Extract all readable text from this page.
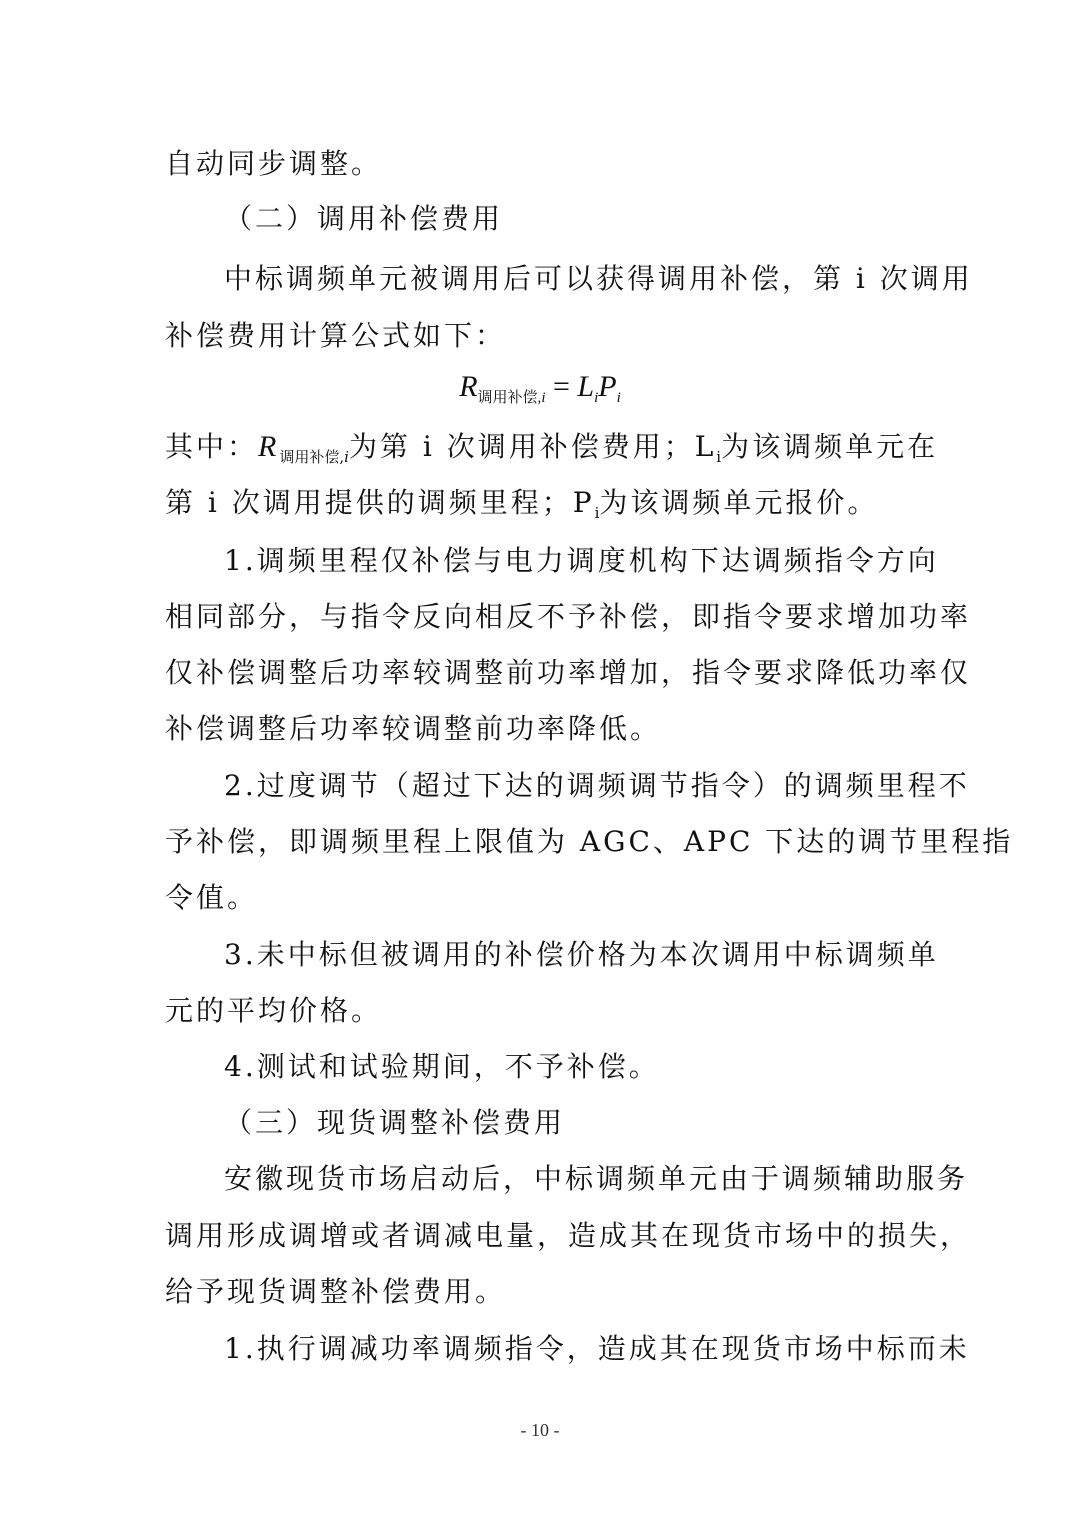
自动同步调整。
（二）调用补偿费用
中标调频单元被调用后可以获得调用补偿，第 i 次调用
补偿费用计算公式如下：
$R_{调用补偿,i} = L_iP_i$
其中：$R_{调用补偿,i}$为第 i 次调用补偿费用；$L_i$为该调频单元在
第 i 次调用提供的调频里程；$P_i$为该调频单元报价。
1.调频里程仅补偿与电力调度机构下达调频指令方向
相同部分，与指令反向相反不予补偿，即指令要求增加功率
仅补偿调整后功率较调整前功率增加，指令要求降低功率仅
补偿调整后功率较调整前功率降低。
2.过度调节（超过下达的调频调节指令）的调频里程不
予补偿，即调频里程上限值为 AGC、APC 下达的调节里程指
令值。
3.未中标但被调用的补偿价格为本次调用中标调频单
元的平均价格。
4.测试和试验期间，不予补偿。
（三）现货调整补偿费用
安徽现货市场启动后，中标调频单元由于调频辅助服务
调用形成调增或者调减电量，造成其在现货市场中的损失，
给予现货调整补偿费用。
1.执行调减功率调频指令，造成其在现货市场中标而未
- 10 -
